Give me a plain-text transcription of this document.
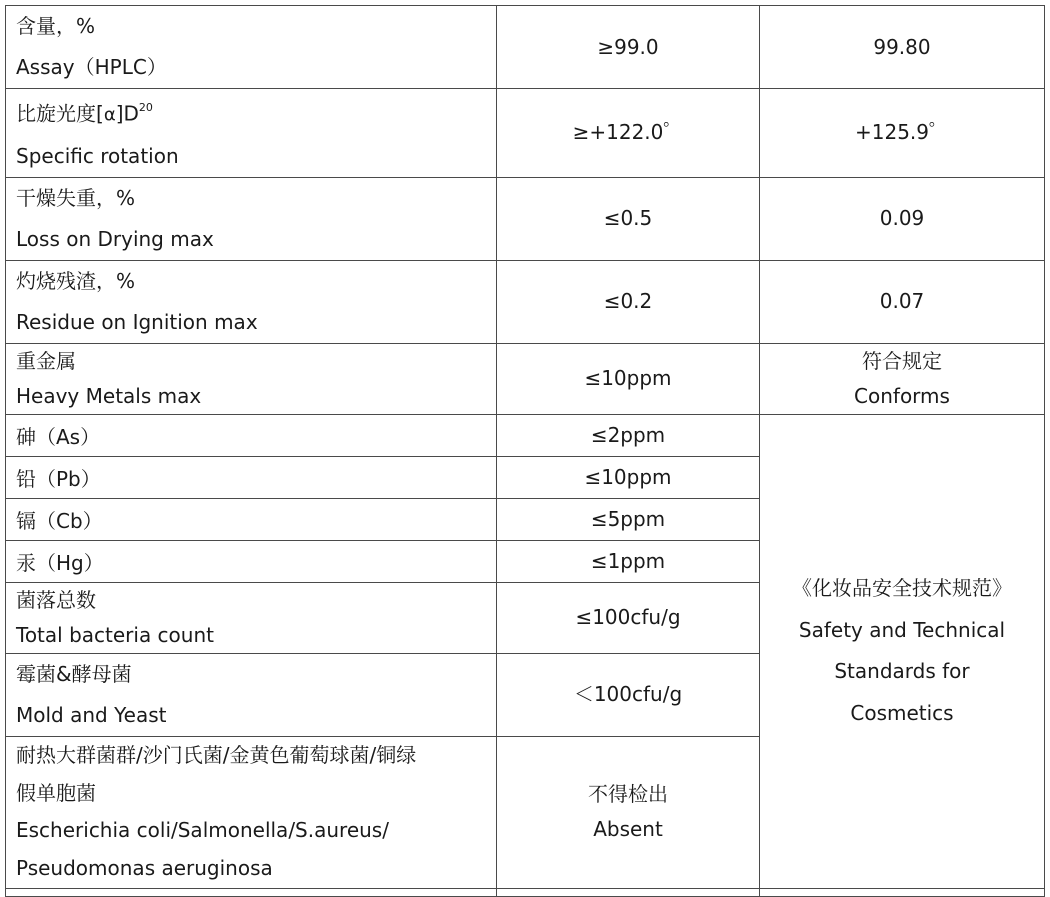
含量，%
Assay（HPLC）	≥99.0	99.80

比旋光度$[\alpha]D^{20}$
Specific rotation	≥+122.0゜	+125.9゜

干燥失重，%
Loss on Drying max	≤0.5	0.09

灼烧残渣，%
Residue on Ignition max	≤0.2	0.07

重金属
Heavy Metals max	≤10ppm	符合规定
Conforms

砷（As）	≤2ppm	《化妆品安全技术规范》
Safety and Technical
Standards for
Cosmetics

铅（Pb）	≤10ppm	

镉（Cb）	≤5ppm	

汞（Hg）	≤1ppm	

菌落总数
Total bacteria count	≤100cfu/g	

霉菌&酵母菌
Mold and Yeast	＜100cfu/g	

耐热大群菌群/沙门氏菌/金黄色葡萄球菌/铜绿
假单胞菌
Escherichia coli/Salmonella/S.aureus/
Pseudomonas aeruginosa	不得检出
Absent	
